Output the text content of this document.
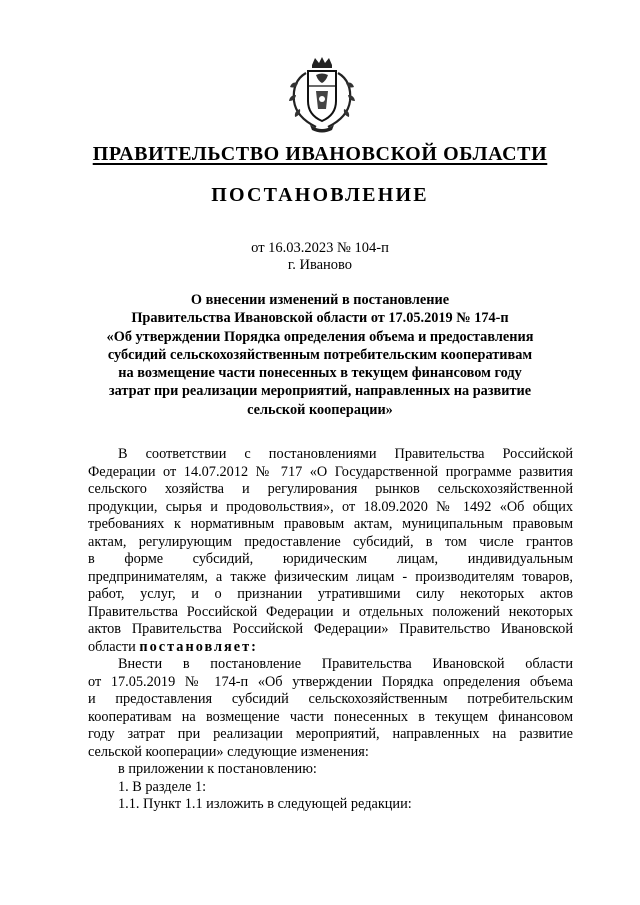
ПРАВИТЕЛЬСТВО ИВАНОВСКОЙ ОБЛАСТИ
ПОСТАНОВЛЕНИЕ
от 16.03.2023 № 104-п
г. Иваново
О внесении изменений в постановление
Правительства Ивановской области от 17.05.2019 № 174-п
«Об утверждении Порядка определения объема и предоставления
субсидий сельскохозяйственным потребительским кооперативам
на возмещение части понесенных в текущем финансовом году
затрат при реализации мероприятий, направленных на развитие
сельской кооперации»
В соответствии с постановлениями Правительства Российской
Федерации от 14.07.2012 № 717 «О Государственной программе развития
сельского хозяйства и регулирования рынков сельскохозяйственной
продукции, сырья и продовольствия», от 18.09.2020 № 1492 «Об общих
требованиях к нормативным правовым актам, муниципальным правовым
актам, регулирующим предоставление субсидий, в том числе грантов
в форме субсидий, юридическим лицам, индивидуальным
предпринимателям, а также физическим лицам - производителям товаров,
работ, услуг, и о признании утратившими силу некоторых актов
Правительства Российской Федерации и отдельных положений некоторых
актов Правительства Российской Федерации» Правительство Ивановской
области постановляет:
Внести в постановление Правительства Ивановской области
от 17.05.2019 № 174-п «Об утверждении Порядка определения объема
и предоставления субсидий сельскохозяйственным потребительским
кооперативам на возмещение части понесенных в текущем финансовом
году затрат при реализации мероприятий, направленных на развитие
сельской кооперации» следующие изменения:
в приложении к постановлению:
1. В разделе 1:
1.1. Пункт 1.1 изложить в следующей редакции:
